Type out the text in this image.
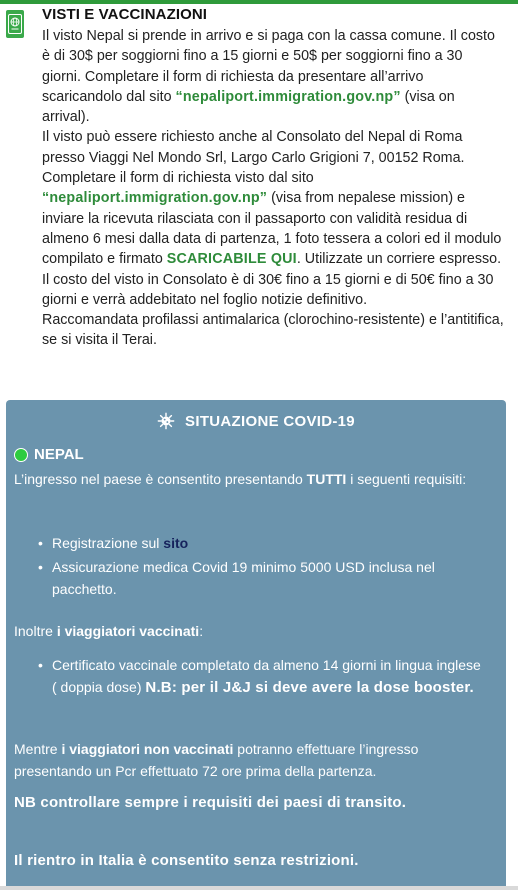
VISTI E VACCINAZIONI

Il visto Nepal si prende in arrivo e si paga con la cassa comune. Il costo è di 30$ per soggiorni fino a 15 giorni e 50$ per soggiorni fino a 30 giorni. Completare il form di richiesta da presentare all’arrivo scaricandolo dal sito “nepaliport.immigration.gov.np” (visa on arrival).

Il visto può essere richiesto anche al Consolato del Nepal di Roma presso Viaggi Nel Mondo Srl, Largo Carlo Grigioni 7, 00152 Roma. Completare il form di richiesta visto dal sito “nepaliport.immigration.gov.np” (visa from nepalese mission) e inviare la ricevuta rilasciata con il passaporto con validità residua di almeno 6 mesi dalla data di partenza, 1 foto tessera a colori ed il modulo compilato e firmato SCARICABILE QUI. Utilizzate un corriere espresso.

Il costo del visto in Consolato è di 30€ fino a 15 giorni e di 50€ fino a 30 giorni e verrà addebitato nel foglio notizie definitivo.

Raccomandata profilassi antimalarica (clorochino-resistente) e l’antitifica, se si visita il Terai.

SITUAZIONE COVID-19
NEPAL

L’ingresso nel paese è consentito presentando TUTTI i seguenti requisiti:

• Registrazione sul sito
• Assicurazione medica Covid 19 minimo 5000 USD inclusa nel pacchetto.

Inoltre i viaggiatori vaccinati:

• Certificato vaccinale completato da almeno 14 giorni in lingua inglese ( doppia dose) N.B: per il J&J si deve avere la dose booster.

Mentre i viaggiatori non vaccinati potranno effettuare l’ingresso presentando un Pcr effettuato 72 ore prima della partenza.

NB controllare sempre i requisiti dei paesi di transito.

Il rientro in Italia è consentito senza restrizioni.
